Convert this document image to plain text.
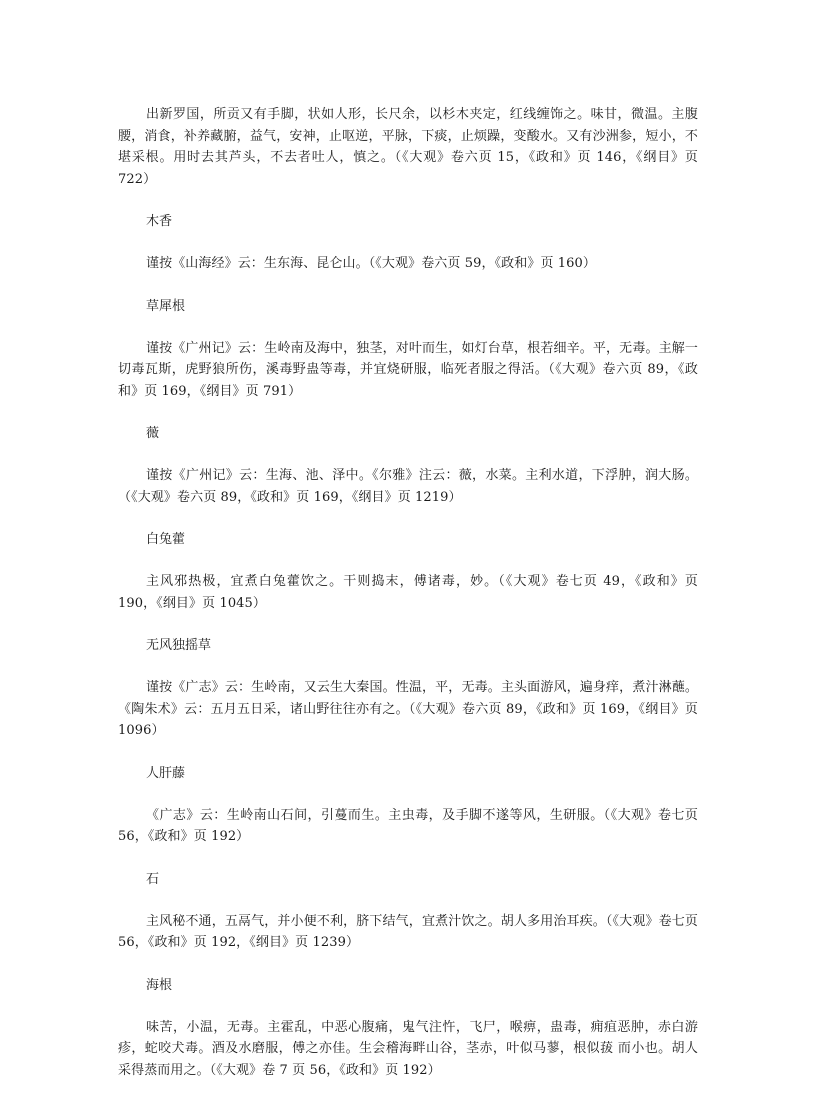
出新罗国，所贡又有手脚，状如人形，长尺余，以杉木夹定，红线缠饰之。味甘，微温。主腹腰，消食，补养藏腑，益气，安神，止呕逆，平脉，下痰，止烦躁，变酸水。又有沙洲参，短小，不堪采根。用时去其芦头，不去者吐人，慎之。（《大观》卷六页 15，《政和》页 146，《纲目》页 722）

木香

谨按《山海经》云：生东海、昆仑山。（《大观》卷六页 59，《政和》页 160）

草犀根

谨按《广州记》云：生岭南及海中，独茎，对叶而生，如灯台草，根若细辛。平，无毒。主解一切毒瓦斯，虎野狼所伤，溪毒野蛊等毒，并宜烧研服，临死者服之得活。（《大观》卷六页 89，《政和》页 169，《纲目》页 791）

薇

谨按《广州记》云：生海、池、泽中。《尔雅》注云：薇，水菜。主利水道，下浮肿，润大肠。（《大观》卷六页 89，《政和》页 169，《纲目》页 1219）

白兔藿

主风邪热极，宜煮白兔藿饮之。干则捣末，傅诸毒，妙。（《大观》卷七页 49，《政和》页 190，《纲目》页 1045）

无风独摇草

谨按《广志》云：生岭南，又云生大秦国。性温，平，无毒。主头面游风，遍身痒，煮汁淋蘸。《陶朱术》云：五月五日采，诸山野往往亦有之。（《大观》卷六页 89，《政和》页 169，《纲目》页 1096）

人肝藤

《广志》云：生岭南山石间，引蔓而生。主虫毒，及手脚不遂等风，生研服。（《大观》卷七页 56，《政和》页 192）

石

主风秘不通，五鬲气，并小便不利，脐下结气，宜煮汁饮之。胡人多用治耳疾。（《大观》卷七页 56，《政和》页 192，《纲目》页 1239）

海根

味苦，小温，无毒。主霍乱，中恶心腹痛，鬼气注忤，飞尸，喉痹，蛊毒，痈疽恶肿，赤白游疹，蛇咬犬毒。酒及水磨服，傅之亦佳。生会稽海畔山谷，茎赤，叶似马蓼，根似菝 而小也。胡人采得蒸而用之。（《大观》卷 7 页 56，《政和》页 192）
